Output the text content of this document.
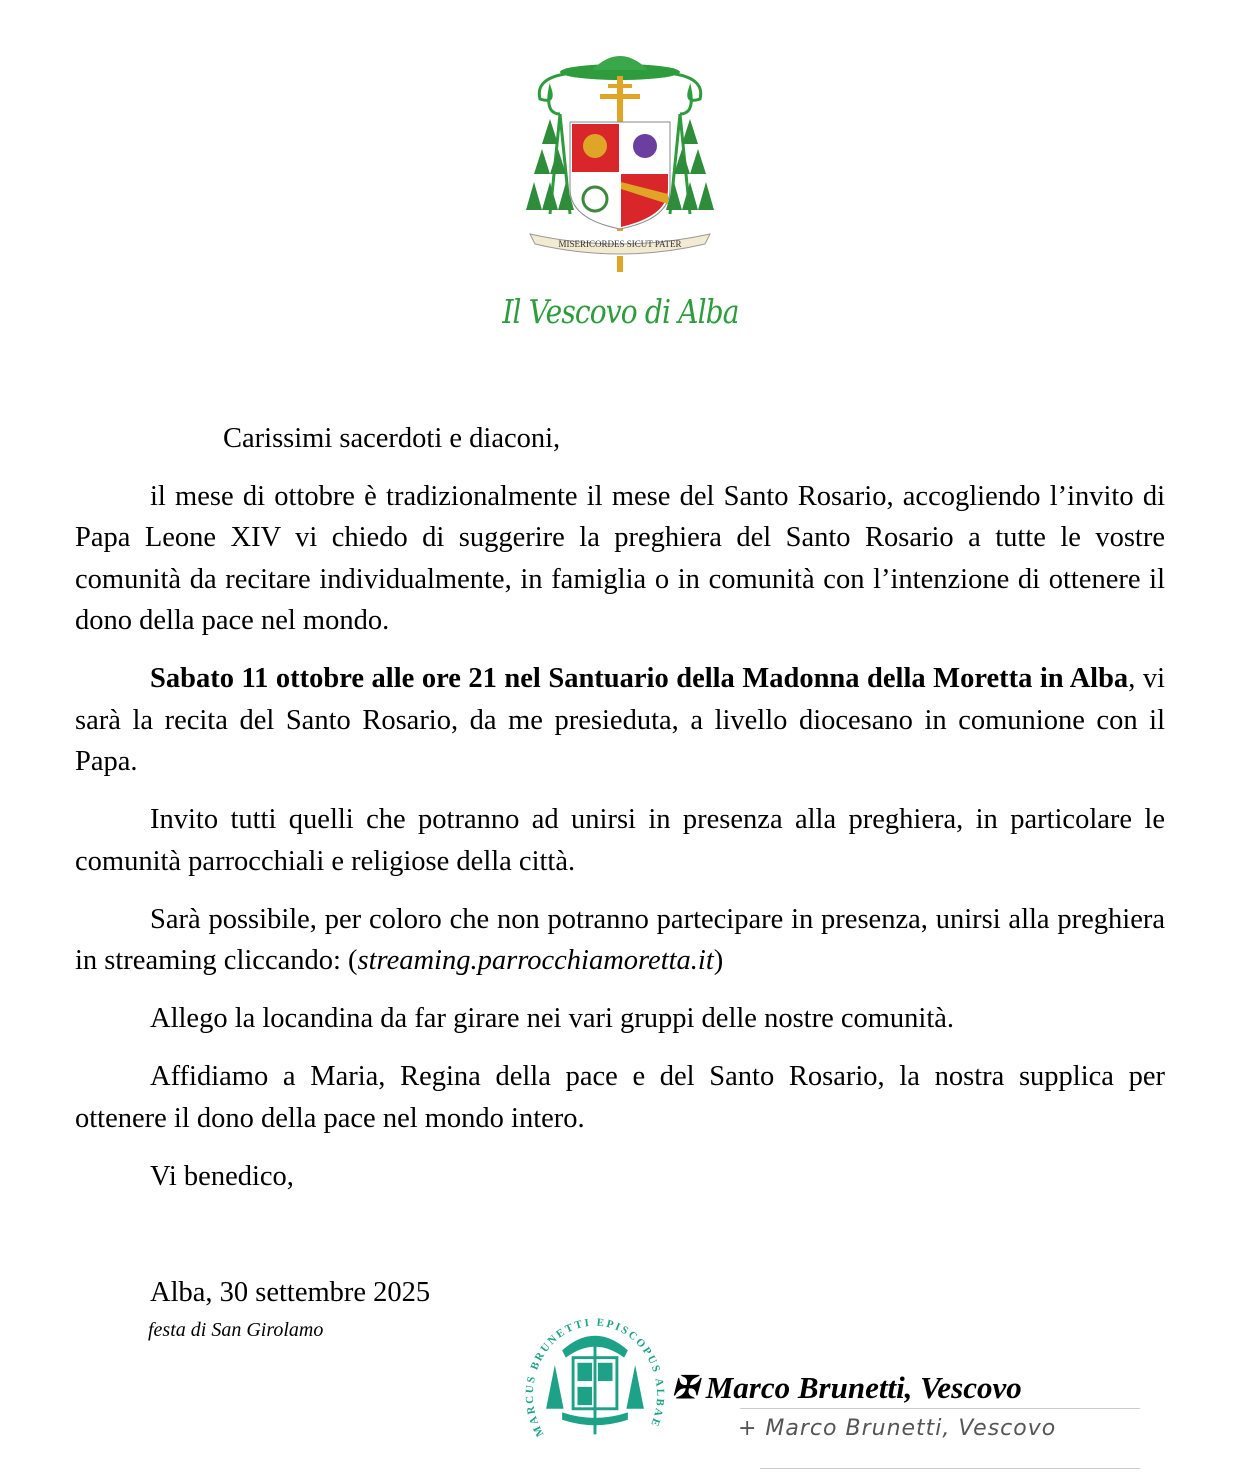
MISERICORDES SICUT PATER
Il Vescovo di Alba

Carissimi sacerdoti e diaconi,

il mese di ottobre è tradizionalmente il mese del Santo Rosario, accogliendo l’invito di Papa Leone XIV vi chiedo di suggerire la preghiera del Santo Rosario a tutte le vostre comunità da recitare individualmente, in famiglia o in comunità con l’intenzione di ottenere il dono della pace nel mondo.

Sabato 11 ottobre alle ore 21 nel Santuario della Madonna della Moretta in Alba, vi sarà la recita del Santo Rosario, da me presieduta, a livello diocesano in comunione con il Papa.

Invito tutti quelli che potranno ad unirsi in presenza alla preghiera, in particolare le comunità parrocchiali e religiose della città.

Sarà possibile, per coloro che non potranno partecipare in presenza, unirsi alla preghiera in streaming cliccando: (streaming.parrocchiamoretta.it)

Allego la locandina da far girare nei vari gruppi delle nostre comunità.

Affidiamo a Maria, Regina della pace e del Santo Rosario, la nostra supplica per ottenere il dono della pace nel mondo intero.

Vi benedico,

Alba, 30 settembre 2025
festa di San Girolamo
MARCUS BRUNETTI EPISCOPUS ALBAE
✠ Marco Brunetti, Vescovo
+ Marco Brunetti, Vescovo
